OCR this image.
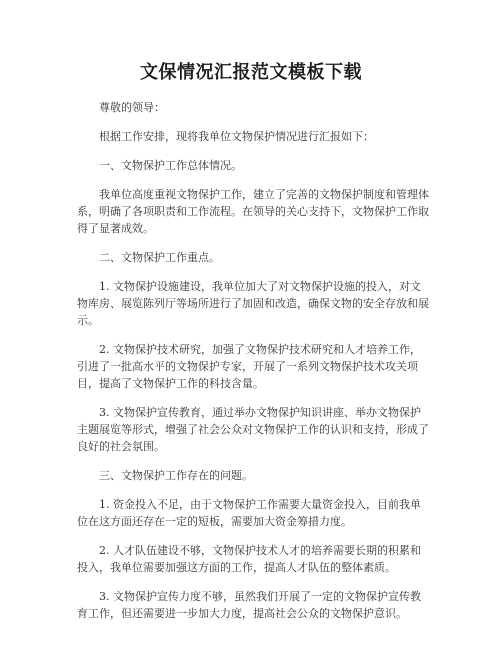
文保情况汇报范文模板下载

尊敬的领导：

根据工作安排，现将我单位文物保护情况进行汇报如下：

一、文物保护工作总体情况。

我单位高度重视文物保护工作，建立了完善的文物保护制度和管理体系，明确了各项职责和工作流程。在领导的关心支持下，文物保护工作取得了显著成效。

二、文物保护工作重点。

1. 文物保护设施建设，我单位加大了对文物保护设施的投入，对文物库房、展览陈列厅等场所进行了加固和改造，确保文物的安全存放和展示。

2. 文物保护技术研究，加强了文物保护技术研究和人才培养工作，引进了一批高水平的文物保护专家，开展了一系列文物保护技术攻关项目，提高了文物保护工作的科技含量。

3. 文物保护宣传教育，通过举办文物保护知识讲座、举办文物保护主题展览等形式，增强了社会公众对文物保护工作的认识和支持，形成了良好的社会氛围。

三、文物保护工作存在的问题。

1. 资金投入不足，由于文物保护工作需要大量资金投入，目前我单位在这方面还存在一定的短板，需要加大资金筹措力度。

2. 人才队伍建设不够，文物保护技术人才的培养需要长期的积累和投入，我单位需要加强这方面的工作，提高人才队伍的整体素质。

3. 文物保护宣传力度不够，虽然我们开展了一定的文物保护宣传教育工作，但还需要进一步加大力度，提高社会公众的文物保护意识。
